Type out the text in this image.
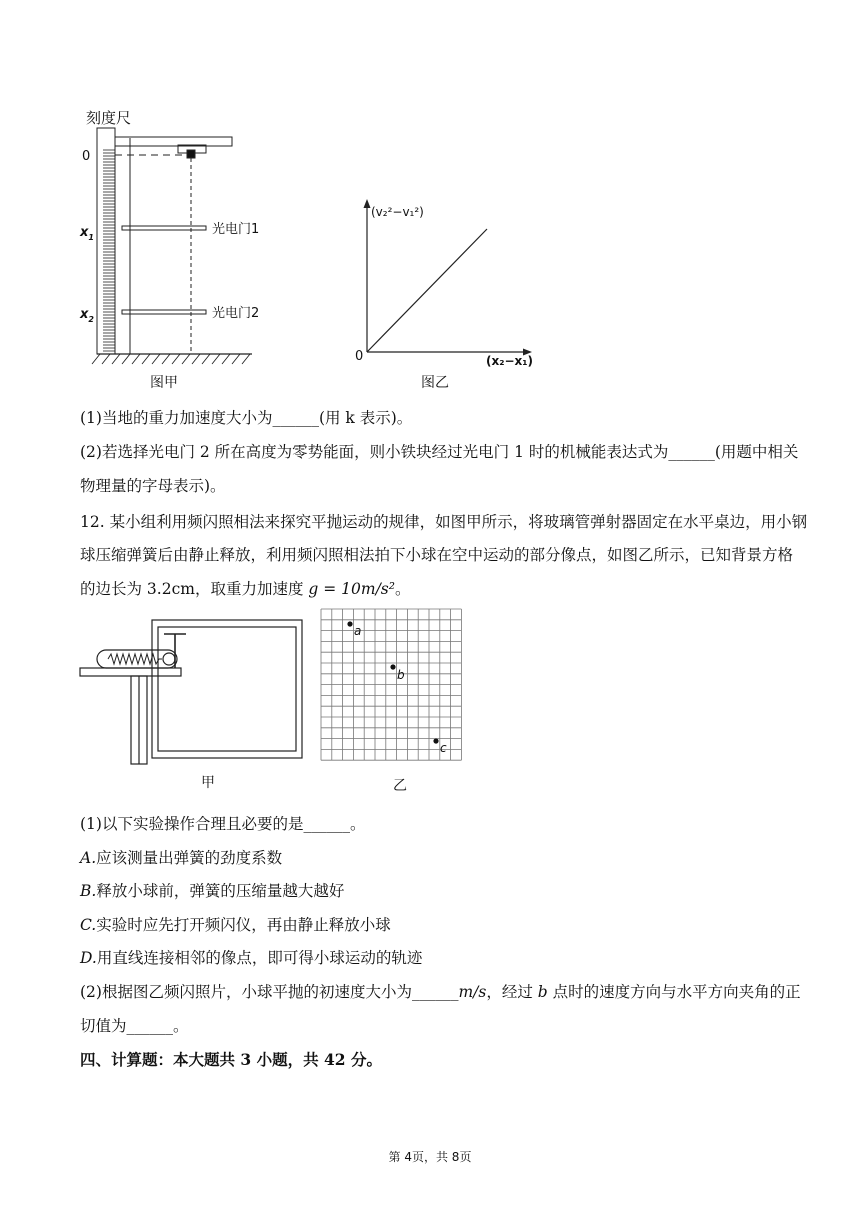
刻度尺
0
$x_1$
$x_2$
光电门1
光电门2
图甲
0
(v₂²−v₁²)
(x₂−x₁)
图乙
(1)当地的重力加速度大小为______(用 k 表示)。
(2)若选择光电门 2 所在高度为零势能面，则小铁块经过光电门 1 时的机械能表达式为______(用题中相关
物理量的字母表示)。
12. 某小组利用频闪照相法来探究平抛运动的规律，如图甲所示，将玻璃管弹射器固定在水平桌边，用小钢
球压缩弹簧后由静止释放，利用频闪照相法拍下小球在空中运动的部分像点，如图乙所示，已知背景方格
的边长为 3.2cm，取重力加速度 g = 10m/s²。
甲
a
b
c
乙
(1)以下实验操作合理且必要的是______。
A.应该测量出弹簧的劲度系数
B.释放小球前，弹簧的压缩量越大越好
C.实验时应先打开频闪仪，再由静止释放小球
D.用直线连接相邻的像点，即可得小球运动的轨迹
(2)根据图乙频闪照片，小球平抛的初速度大小为______m/s，经过 b 点时的速度方向与水平方向夹角的正
切值为______。
四、计算题：本大题共 3 小题，共 42 分。
第 4页，共 8页
